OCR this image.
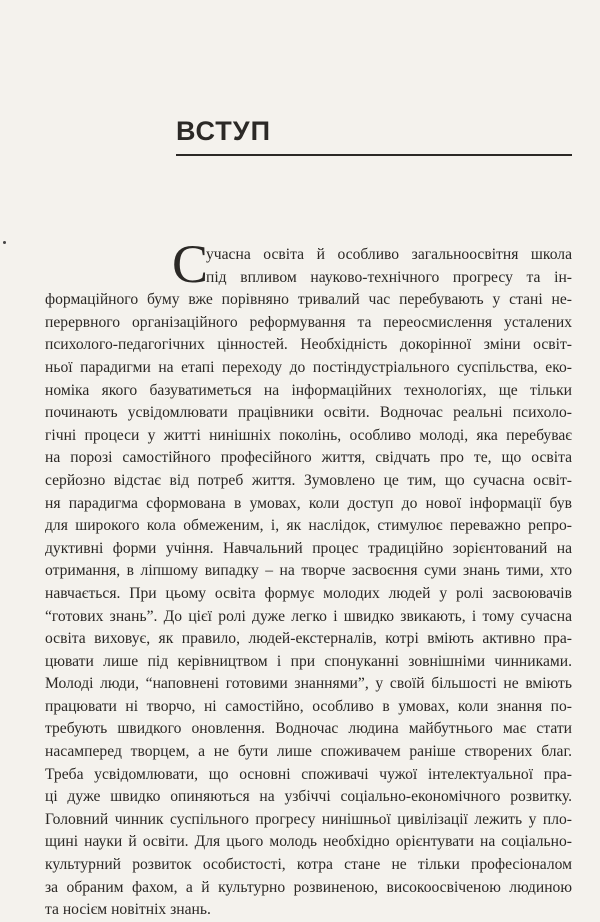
ВСТУП
С
учасна освіта й особливо загальноосвітня школа
під впливом науково-технічного прогресу та ін-
формаційного буму вже порівняно тривалий час перебувають у стані не-
перервного організаційного реформування та переосмислення усталених
психолого-педагогічних цінностей. Необхідність докорінної зміни освіт-
ньої парадигми на етапі переходу до постіндустріального суспільства, еко-
номіка якого базуватиметься на інформаційних технологіях, ще тільки
починають усвідомлювати працівники освіти. Водночас реальні психоло-
гічні процеси у житті нинішніх поколінь, особливо молоді, яка перебуває
на порозі самостійного професійного життя, свідчать про те, що освіта
серйозно відстає від потреб життя. Зумовлено це тим, що сучасна освіт-
ня парадигма сформована в умовах, коли доступ до нової інформації був
для широкого кола обмеженим, і, як наслідок, стимулює переважно репро-
дуктивні форми учіння. Навчальний процес традиційно зорієнтований на
отримання, в ліпшому випадку – на творче засвоєння суми знань тими, хто
навчається. При цьому освіта формує молодих людей у ролі засвоювачів
“готових знань”. До цієї ролі дуже легко і швидко звикають, і тому сучасна
освіта виховує, як правило, людей-екстерналів, котрі вміють активно пра-
цювати лише під керівництвом і при спонуканні зовнішніми чинниками.
Молоді люди, “наповнені готовими знаннями”, у своїй більшості не вміють
працювати ні творчо, ні самостійно, особливо в умовах, коли знання по-
требують швидкого оновлення. Водночас людина майбутнього має стати
насамперед творцем, а не бути лише споживачем раніше створених благ.
Треба усвідомлювати, що основні споживачі чужої інтелектуальної пра-
ці дуже швидко опиняються на узбіччі соціально-економічного розвитку.
Головний чинник суспільного прогресу нинішньої цивілізації лежить у пло-
щині науки й освіти. Для цього молодь необхідно орієнтувати на соціально-
культурний розвиток особистості, котра стане не тільки професіоналом
за обраним фахом, а й культурно розвиненою, високоосвіченою людиною
та носієм новітніх знань.
